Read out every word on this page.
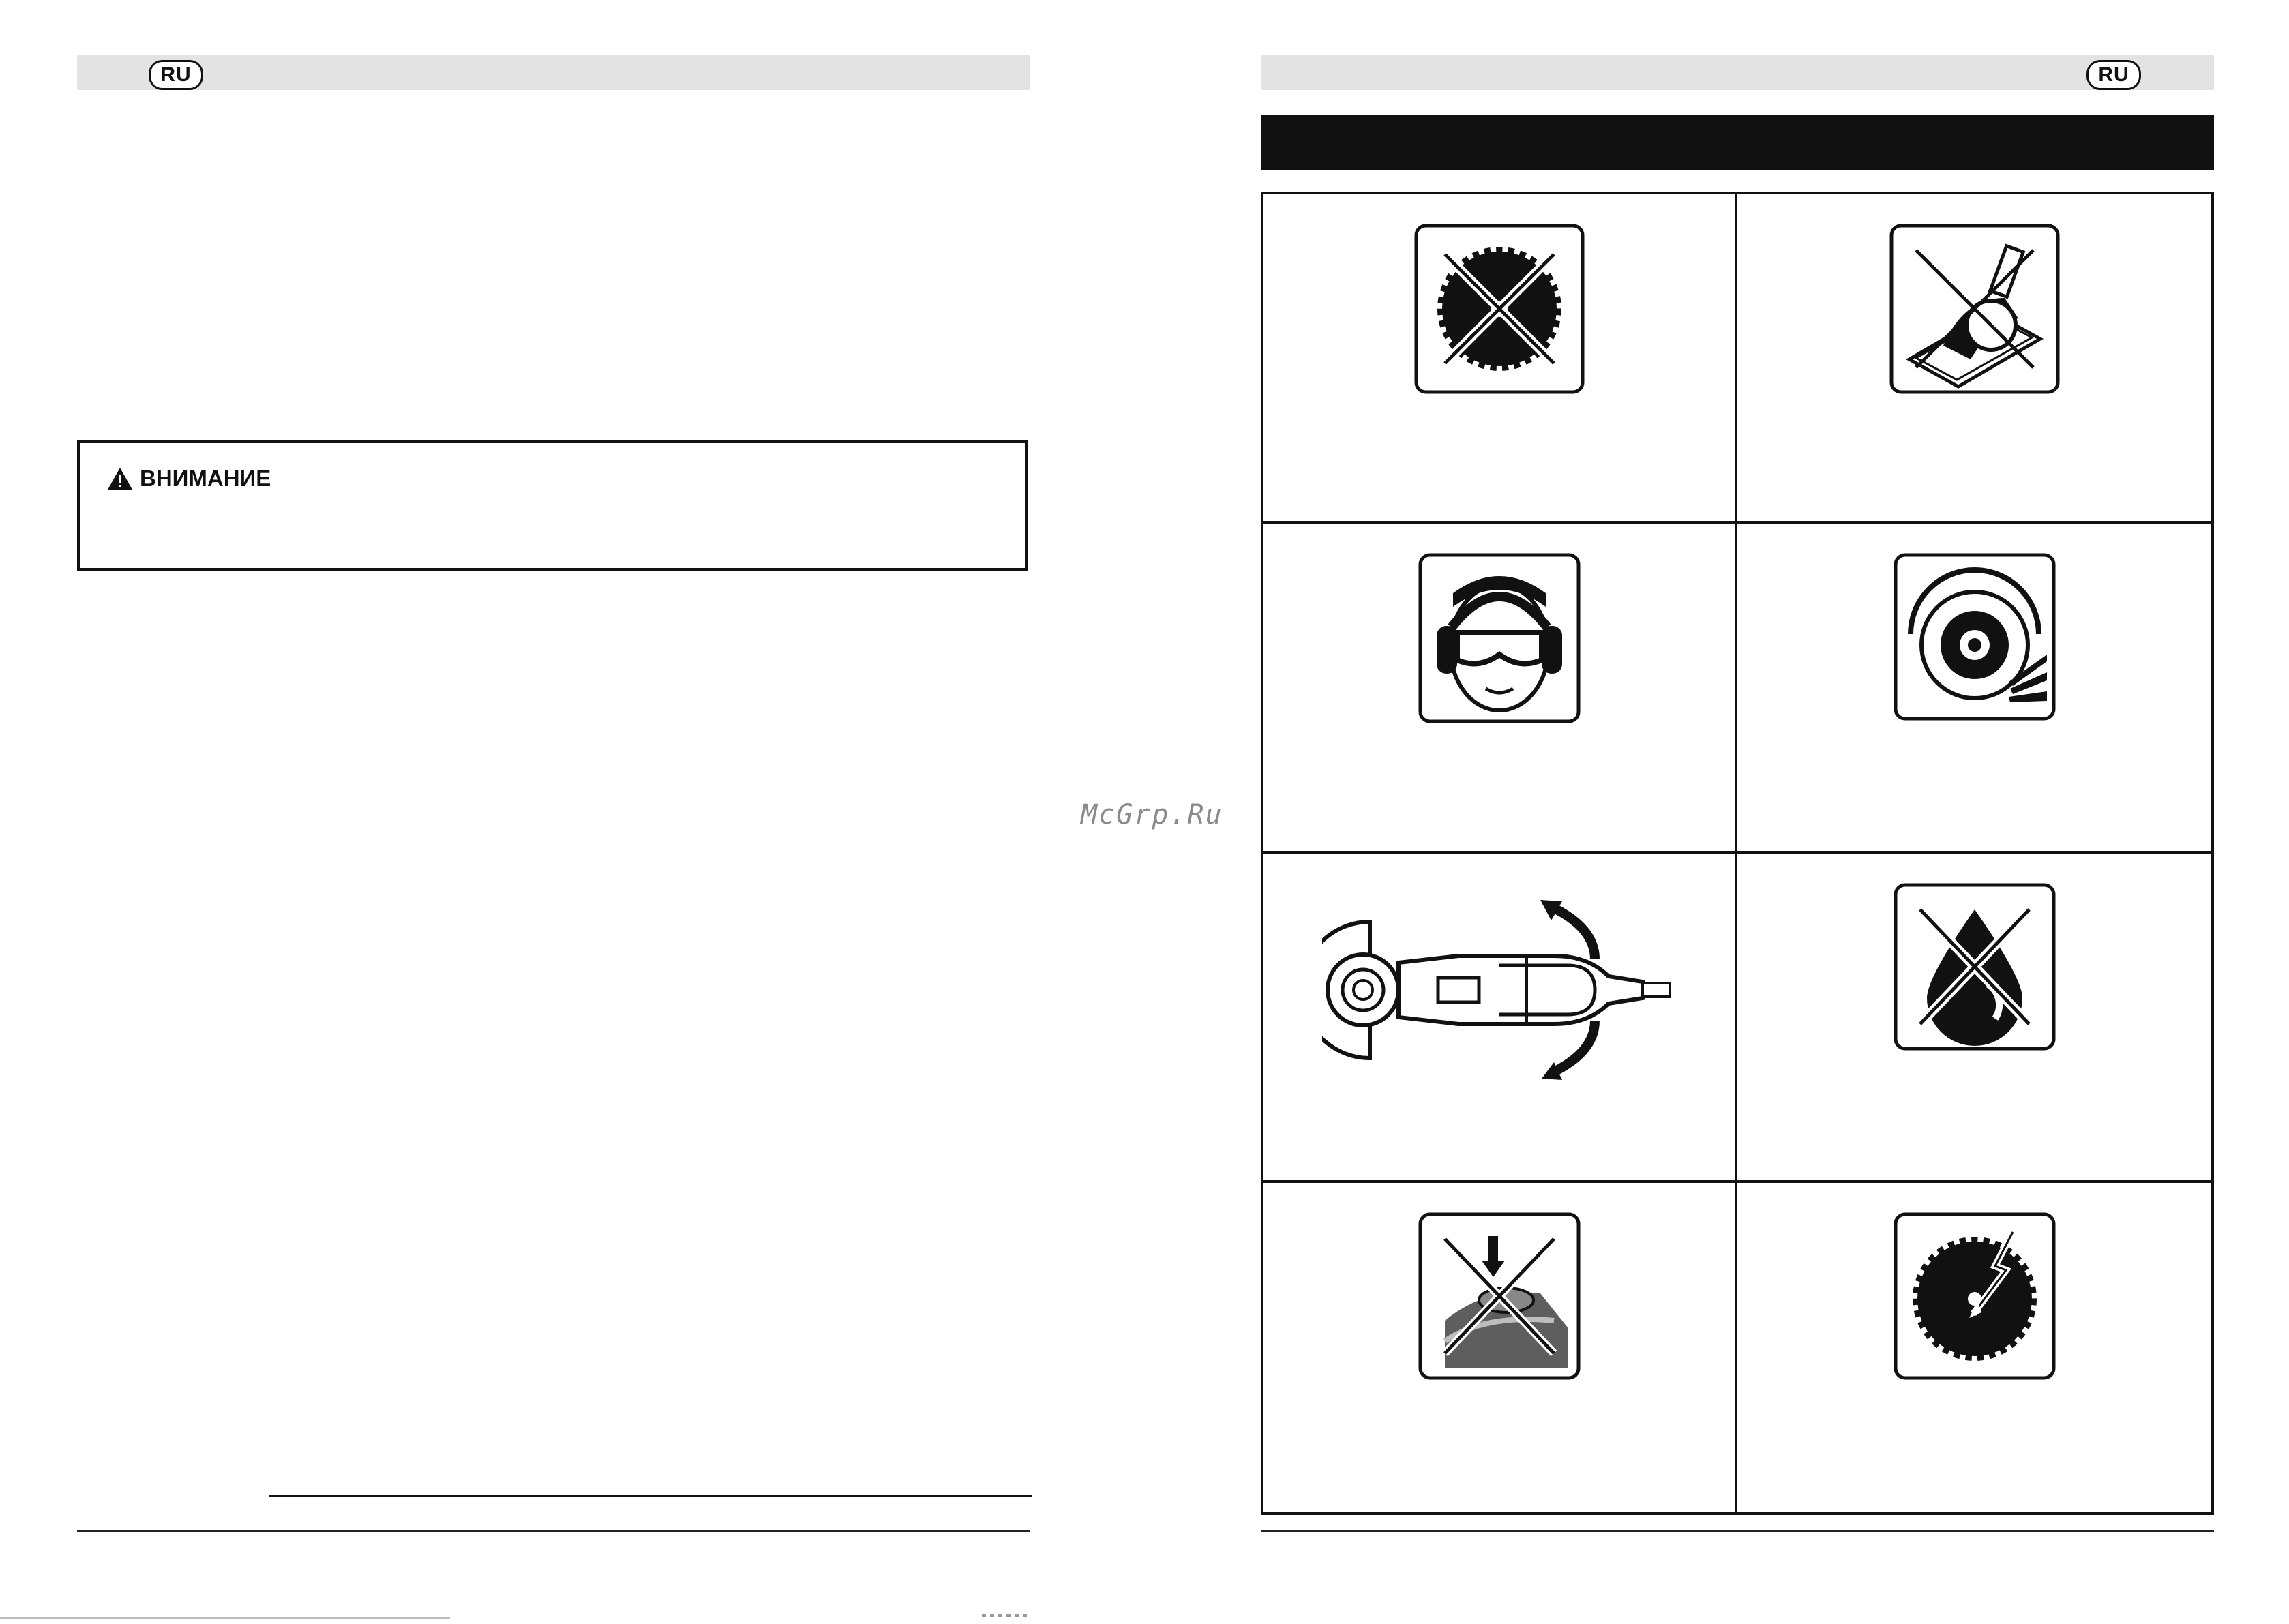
RU
ВНИМАНИЕ
McGrp.Ru
RU
